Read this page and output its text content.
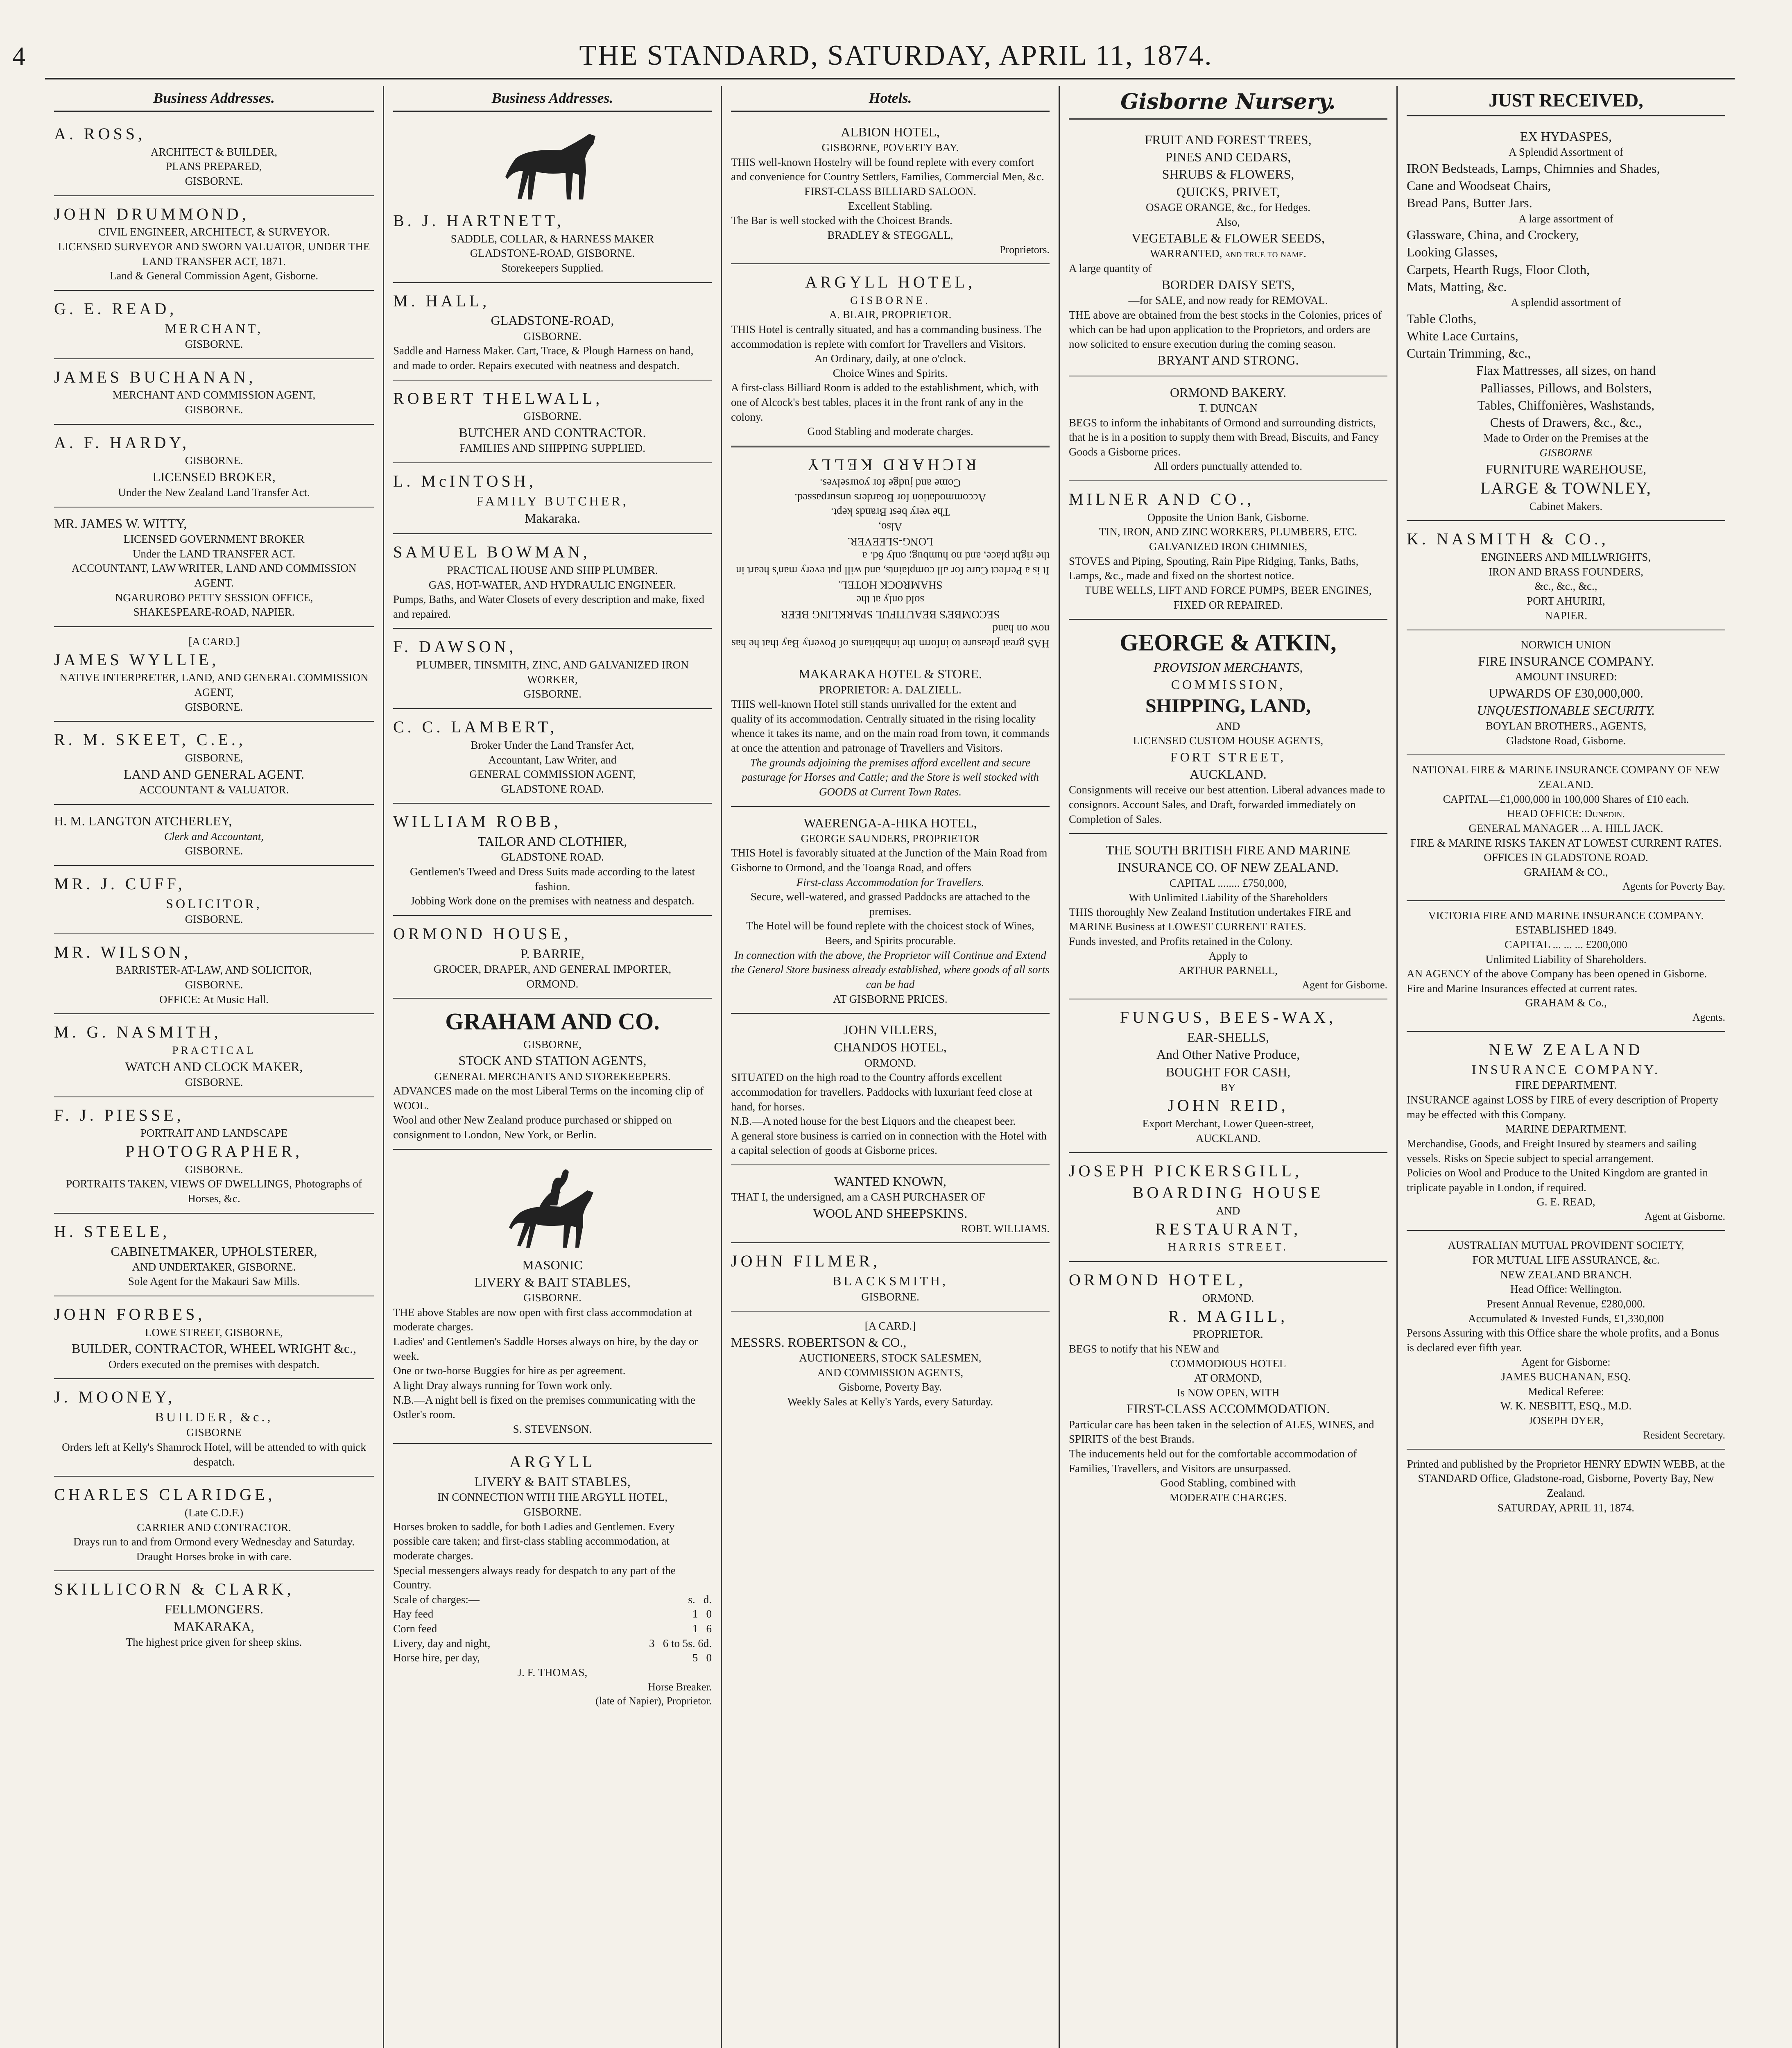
4	THE STANDARD, SATURDAY, APRIL 11, 1874.
Business Addresses.

A. ROSS,

ARCHITECT & BUILDER,

PLANS PREPARED,

GISBORNE.

JOHN DRUMMOND,

CIVIL ENGINEER, ARCHITECT, & SURVEYOR.

LICENSED SURVEYOR AND SWORN VALUATOR, UNDER THE LAND TRANSFER ACT, 1871.

Land & General Commission Agent, Gisborne.

G. E. READ,

MERCHANT,

GISBORNE.

JAMES BUCHANAN,

MERCHANT AND COMMISSION AGENT,

GISBORNE.

A. F. HARDY,

GISBORNE.

LICENSED BROKER,

Under the New Zealand Land Transfer Act.

MR. JAMES W. WITTY,

LICENSED GOVERNMENT BROKER

Under the LAND TRANSFER ACT.

ACCOUNTANT, LAW WRITER, LAND AND COMMISSION AGENT.

NGARUROBO PETTY SESSION OFFICE,

SHAKESPEARE-ROAD, NAPIER.

[A CARD.]

JAMES WYLLIE,

NATIVE INTERPRETER, LAND, AND GENERAL COMMISSION AGENT,

GISBORNE.

R. M. SKEET, C.E.,

GISBORNE,

LAND AND GENERAL AGENT.

ACCOUNTANT & VALUATOR.

H. M. LANGTON ATCHERLEY,

Clerk and Accountant,

GISBORNE.

MR. J. CUFF,

SOLICITOR,

GISBORNE.

MR. WILSON,

BARRISTER-AT-LAW, AND SOLICITOR,

GISBORNE.

OFFICE: At Music Hall.

M. G. NASMITH,

PRACTICAL

WATCH AND CLOCK MAKER,

GISBORNE.

F. J. PIESSE,

PORTRAIT AND LANDSCAPE

PHOTOGRAPHER,

GISBORNE.

PORTRAITS TAKEN, VIEWS OF DWELLINGS, Photographs of Horses, &c.

H. STEELE,

CABINETMAKER, UPHOLSTERER,

AND UNDERTAKER, GISBORNE.

Sole Agent for the Makauri Saw Mills.

JOHN FORBES,

LOWE STREET, GISBORNE,

BUILDER, CONTRACTOR, WHEEL WRIGHT &c.,

Orders executed on the premises with despatch.

J. MOONEY,

BUILDER, &c.,

GISBORNE

Orders left at Kelly's Shamrock Hotel, will be attended to with quick despatch.

CHARLES CLARIDGE,

(Late C.D.F.)

CARRIER AND CONTRACTOR.

Drays run to and from Ormond every Wednesday and Saturday.

Draught Horses broke in with care.

SKILLICORN & CLARK,

FELLMONGERS.

MAKARAKA,

The highest price given for sheep skins.

Business Addresses.

B. J. HARTNETT,

SADDLE, COLLAR, & HARNESS MAKER

GLADSTONE-ROAD, GISBORNE.

Storekeepers Supplied.

M. HALL,

GLADSTONE-ROAD,

GISBORNE.

Saddle and Harness Maker. Cart, Trace, & Plough Harness on hand, and made to order. Repairs executed with neatness and despatch.

ROBERT THELWALL,

GISBORNE.

BUTCHER AND CONTRACTOR.

FAMILIES AND SHIPPING SUPPLIED.

L. McINTOSH,

FAMILY BUTCHER,

Makaraka.

SAMUEL BOWMAN,

PRACTICAL HOUSE AND SHIP PLUMBER.

GAS, HOT-WATER, AND HYDRAULIC ENGINEER.

Pumps, Baths, and Water Closets of every description and make, fixed and repaired.

F. DAWSON,

PLUMBER, TINSMITH, ZINC, AND GALVANIZED IRON WORKER,

GISBORNE.

C. C. LAMBERT,

Broker Under the Land Transfer Act,

Accountant, Law Writer, and

GENERAL COMMISSION AGENT,

GLADSTONE ROAD.

WILLIAM ROBB,

TAILOR AND CLOTHIER,

GLADSTONE ROAD.

Gentlemen's Tweed and Dress Suits made according to the latest fashion.

Jobbing Work done on the premises with neatness and despatch.

ORMOND HOUSE,

P. BARRIE,

GROCER, DRAPER, AND GENERAL IMPORTER,

ORMOND.

GRAHAM AND CO.

GISBORNE,

STOCK AND STATION AGENTS,

GENERAL MERCHANTS AND STOREKEEPERS.

ADVANCES made on the most Liberal Terms on the incoming clip of WOOL.

Wool and other New Zealand produce purchased or shipped on consignment to London, New York, or Berlin.

MASONIC

LIVERY & BAIT STABLES,

GISBORNE.

THE above Stables are now open with first class accommodation at moderate charges.

Ladies' and Gentlemen's Saddle Horses always on hire, by the day or week.

One or two-horse Buggies for hire as per agreement.

A light Dray always running for Town work only.

N.B.—A night bell is fixed on the premises communicating with the Ostler's room.

S. STEVENSON.

ARGYLL

LIVERY & BAIT STABLES,

IN CONNECTION WITH THE ARGYLL HOTEL,

GISBORNE.

Horses broken to saddle, for both Ladies and Gentlemen. Every possible care taken; and first-class stabling accommodation, at moderate charges.

Special messengers always ready for despatch to any part of the Country.

Scale of charges:—	s. d.
Hay feed	1 0
Corn feed	1 6
Livery, day and night,	3 6 to 5s. 6d.
Horse hire, per day,	5 0

J. F. THOMAS,

Horse Breaker.

(late of Napier), Proprietor.

Hotels.

ALBION HOTEL,

GISBORNE, POVERTY BAY.

THIS well-known Hostelry will be found replete with every comfort and convenience for Country Settlers, Families, Commercial Men, &c.

FIRST-CLASS BILLIARD SALOON.

Excellent Stabling.

The Bar is well stocked with the Choicest Brands.

BRADLEY & STEGGALL,

Proprietors.

ARGYLL HOTEL,

GISBORNE.

A. BLAIR, PROPRIETOR.

THIS Hotel is centrally situated, and has a commanding business. The accommodation is replete with comfort for Travellers and Visitors.

An Ordinary, daily, at one o'clock.

Choice Wines and Spirits.

A first-class Billiard Room is added to the establishment, which, with one of Alcock's best tables, places it in the front rank of any in the colony.

Good Stabling and moderate charges.

HAS great pleasure to inform the inhabitants of Poverty Bay that he has now on hand

SECOMBE'S BEAUTIFUL SPARKLING BEER

sold only at the

SHAMROCK HOTEL.

It is a Perfect Cure for all complaints, and will put every man's heart in the right place, and no humbug; only 6d. a

LONG-SLEEVER.

Also,

The very best Brands kept.

Accommodation for Boarders unsurpassed.

Come and judge for yourselves.

RICHARD KELLY

MAKARAKA HOTEL & STORE.

PROPRIETOR: A. DALZIELL.

THIS well-known Hotel still stands unrivalled for the extent and quality of its accommodation. Centrally situated in the rising locality whence it takes its name, and on the main road from town, it commands at once the attention and patronage of Travellers and Visitors.

The grounds adjoining the premises afford excellent and secure pasturage for Horses and Cattle; and the Store is well stocked with GOODS at Current Town Rates.

WAERENGA-A-HIKA HOTEL,

GEORGE SAUNDERS, PROPRIETOR

THIS Hotel is favorably situated at the Junction of the Main Road from Gisborne to Ormond, and the Toanga Road, and offers

First-class Accommodation for Travellers.

Secure, well-watered, and grassed Paddocks are attached to the premises.

The Hotel will be found replete with the choicest stock of Wines, Beers, and Spirits procurable.

In connection with the above, the Proprietor will Continue and Extend the General Store business already established, where goods of all sorts can be had

AT GISBORNE PRICES.

JOHN VILLERS,

CHANDOS HOTEL,

ORMOND.

SITUATED on the high road to the Country affords excellent accommodation for travellers. Paddocks with luxuriant feed close at hand, for horses.

N.B.—A noted house for the best Liquors and the cheapest beer.

A general store business is carried on in connection with the Hotel with a capital selection of goods at Gisborne prices.

WANTED KNOWN,

THAT I, the undersigned, am a CASH PURCHASER OF

WOOL AND SHEEPSKINS.

ROBT. WILLIAMS.

JOHN FILMER,

BLACKSMITH,

GISBORNE.

[A CARD.]

MESSRS. ROBERTSON & CO.,

AUCTIONEERS, STOCK SALESMEN,

AND COMMISSION AGENTS,

Gisborne, Poverty Bay.

Weekly Sales at Kelly's Yards, every Saturday.

Gisborne Nursery.

FRUIT AND FOREST TREES,

PINES AND CEDARS,

SHRUBS & FLOWERS,

QUICKS, PRIVET,

OSAGE ORANGE, &c., for Hedges.

Also,

VEGETABLE & FLOWER SEEDS,

WARRANTED, and true to name.

A large quantity of

BORDER DAISY SETS,

—for SALE, and now ready for REMOVAL.

THE above are obtained from the best stocks in the Colonies, prices of which can be had upon application to the Proprietors, and orders are now solicited to ensure execution during the coming season.

BRYANT AND STRONG.

ORMOND BAKERY.

T. DUNCAN

BEGS to inform the inhabitants of Ormond and surrounding districts, that he is in a position to supply them with Bread, Biscuits, and Fancy Goods a Gisborne prices.

All orders punctually attended to.

MILNER AND CO.,

Opposite the Union Bank, Gisborne.

TIN, IRON, AND ZINC WORKERS, PLUMBERS, ETC.

GALVANIZED IRON CHIMNIES,

STOVES and Piping, Spouting, Rain Pipe Ridging, Tanks, Baths, Lamps, &c., made and fixed on the shortest notice.

TUBE WELLS, LIFT AND FORCE PUMPS, BEER ENGINES, FIXED OR REPAIRED.

GEORGE & ATKIN,

PROVISION MERCHANTS,

COMMISSION,

SHIPPING, LAND,

AND

LICENSED CUSTOM HOUSE AGENTS,

FORT STREET,

AUCKLAND.

Consignments will receive our best attention. Liberal advances made to consignors. Account Sales, and Draft, forwarded immediately on Completion of Sales.

THE SOUTH BRITISH FIRE AND MARINE INSURANCE CO. OF NEW ZEALAND.

CAPITAL ........ £750,000,

With Unlimited Liability of the Shareholders

THIS thoroughly New Zealand Institution undertakes FIRE and MARINE Business at LOWEST CURRENT RATES.

Funds invested, and Profits retained in the Colony.

Apply to

ARTHUR PARNELL,

Agent for Gisborne.

FUNGUS, BEES-WAX,

EAR-SHELLS,

And Other Native Produce,

BOUGHT FOR CASH,

BY

JOHN REID,

Export Merchant, Lower Queen-street,

AUCKLAND.

JOSEPH PICKERSGILL,

BOARDING HOUSE

AND

RESTAURANT,

HARRIS STREET.

ORMOND HOTEL,

ORMOND.

R. MAGILL,

PROPRIETOR.

BEGS to notify that his NEW and

COMMODIOUS HOTEL

AT ORMOND,

Is NOW OPEN, WITH

FIRST-CLASS ACCOMMODATION.

Particular care has been taken in the selection of ALES, WINES, and SPIRITS of the best Brands.

The inducements held out for the comfortable accommodation of Families, Travellers, and Visitors are unsurpassed.

Good Stabling, combined with

MODERATE CHARGES.

JUST RECEIVED,

EX HYDASPES,

A Splendid Assortment of

IRON Bedsteads, Lamps, Chimnies and Shades,

Cane and Woodseat Chairs,

Bread Pans, Butter Jars.

A large assortment of

Glassware, China, and Crockery,

Looking Glasses,

Carpets, Hearth Rugs, Floor Cloth,

Mats, Matting, &c.

A splendid assortment of

Table Cloths,

White Lace Curtains,

Curtain Trimming, &c.,

Flax Mattresses, all sizes, on hand

Palliasses, Pillows, and Bolsters,

Tables, Chiffonières, Washstands,

Chests of Drawers, &c., &c.,

Made to Order on the Premises at the

GISBORNE

FURNITURE WAREHOUSE,

LARGE & TOWNLEY,

Cabinet Makers.

K. NASMITH & CO.,

ENGINEERS AND MILLWRIGHTS,

IRON AND BRASS FOUNDERS,

&c., &c., &c.,

PORT AHURIRI,

NAPIER.

NORWICH UNION

FIRE INSURANCE COMPANY.

AMOUNT INSURED:

UPWARDS OF £30,000,000.

UNQUESTIONABLE SECURITY.

BOYLAN BROTHERS., AGENTS,

Gladstone Road, Gisborne.

NATIONAL FIRE & MARINE INSURANCE COMPANY OF NEW ZEALAND.

CAPITAL—£1,000,000 in 100,000 Shares of £10 each.

HEAD OFFICE: Dunedin.

GENERAL MANAGER ... A. HILL JACK.

FIRE & MARINE RISKS TAKEN AT LOWEST CURRENT RATES.

OFFICES IN GLADSTONE ROAD.

GRAHAM & CO.,

Agents for Poverty Bay.

VICTORIA FIRE AND MARINE INSURANCE COMPANY.

ESTABLISHED 1849.

CAPITAL ... ... ... £200,000

Unlimited Liability of Shareholders.

AN AGENCY of the above Company has been opened in Gisborne.

Fire and Marine Insurances effected at current rates.

GRAHAM & Co.,

Agents.

NEW ZEALAND

INSURANCE COMPANY.

FIRE DEPARTMENT.

INSURANCE against LOSS by FIRE of every description of Property may be effected with this Company.

MARINE DEPARTMENT.

Merchandise, Goods, and Freight Insured by steamers and sailing vessels. Risks on Specie subject to special arrangement.

Policies on Wool and Produce to the United Kingdom are granted in triplicate payable in London, if required.

G. E. READ,

Agent at Gisborne.

AUSTRALIAN MUTUAL PROVIDENT SOCIETY,

FOR MUTUAL LIFE ASSURANCE, &c.

NEW ZEALAND BRANCH.

Head Office: Wellington.

Present Annual Revenue, £280,000.

Accumulated & Invested Funds, £1,330,000

Persons Assuring with this Office share the whole profits, and a Bonus is declared ever fifth year.

Agent for Gisborne:

JAMES BUCHANAN, ESQ.

Medical Referee:

W. K. NESBITT, ESQ., M.D.

JOSEPH DYER,

Resident Secretary.

Printed and published by the Proprietor HENRY EDWIN WEBB, at the STANDARD Office, Gladstone-road, Gisborne, Poverty Bay, New Zealand.

SATURDAY, APRIL 11, 1874.
